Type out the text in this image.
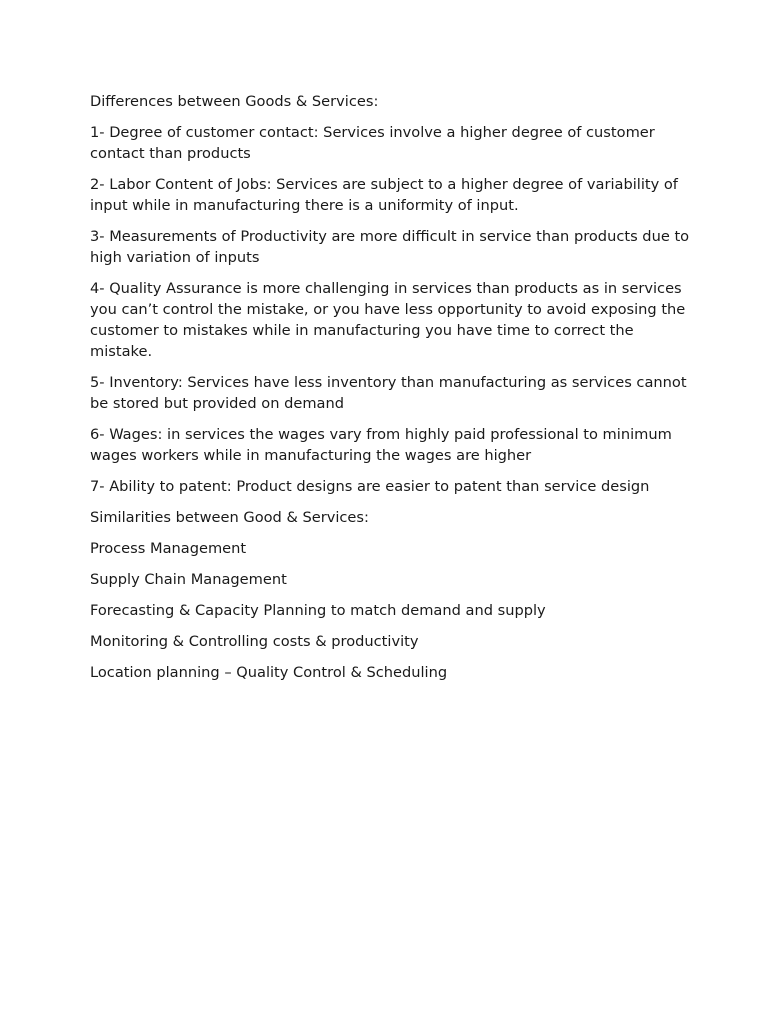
Differences between Goods & Services:

1- Degree of customer contact: Services involve a higher degree of customer contact than products

2- Labor Content of Jobs: Services are subject to a higher degree of variability of input while in manufacturing there is a uniformity of input.

3- Measurements of Productivity are more difficult in service than products due to high variation of inputs

4- Quality Assurance is more challenging in services than products as in services you can’t control the mistake, or you have less opportunity to avoid exposing the customer to mistakes while in manufacturing you have time to correct the mistake.

5- Inventory: Services have less inventory than manufacturing as services cannot be stored but provided on demand

6- Wages: in services the wages vary from highly paid professional to minimum wages workers while in manufacturing the wages are higher

7- Ability to patent: Product designs are easier to patent than service design

Similarities between Good & Services:

Process Management

Supply Chain Management

Forecasting & Capacity Planning to match demand and supply

Monitoring & Controlling costs & productivity

Location planning – Quality Control & Scheduling
